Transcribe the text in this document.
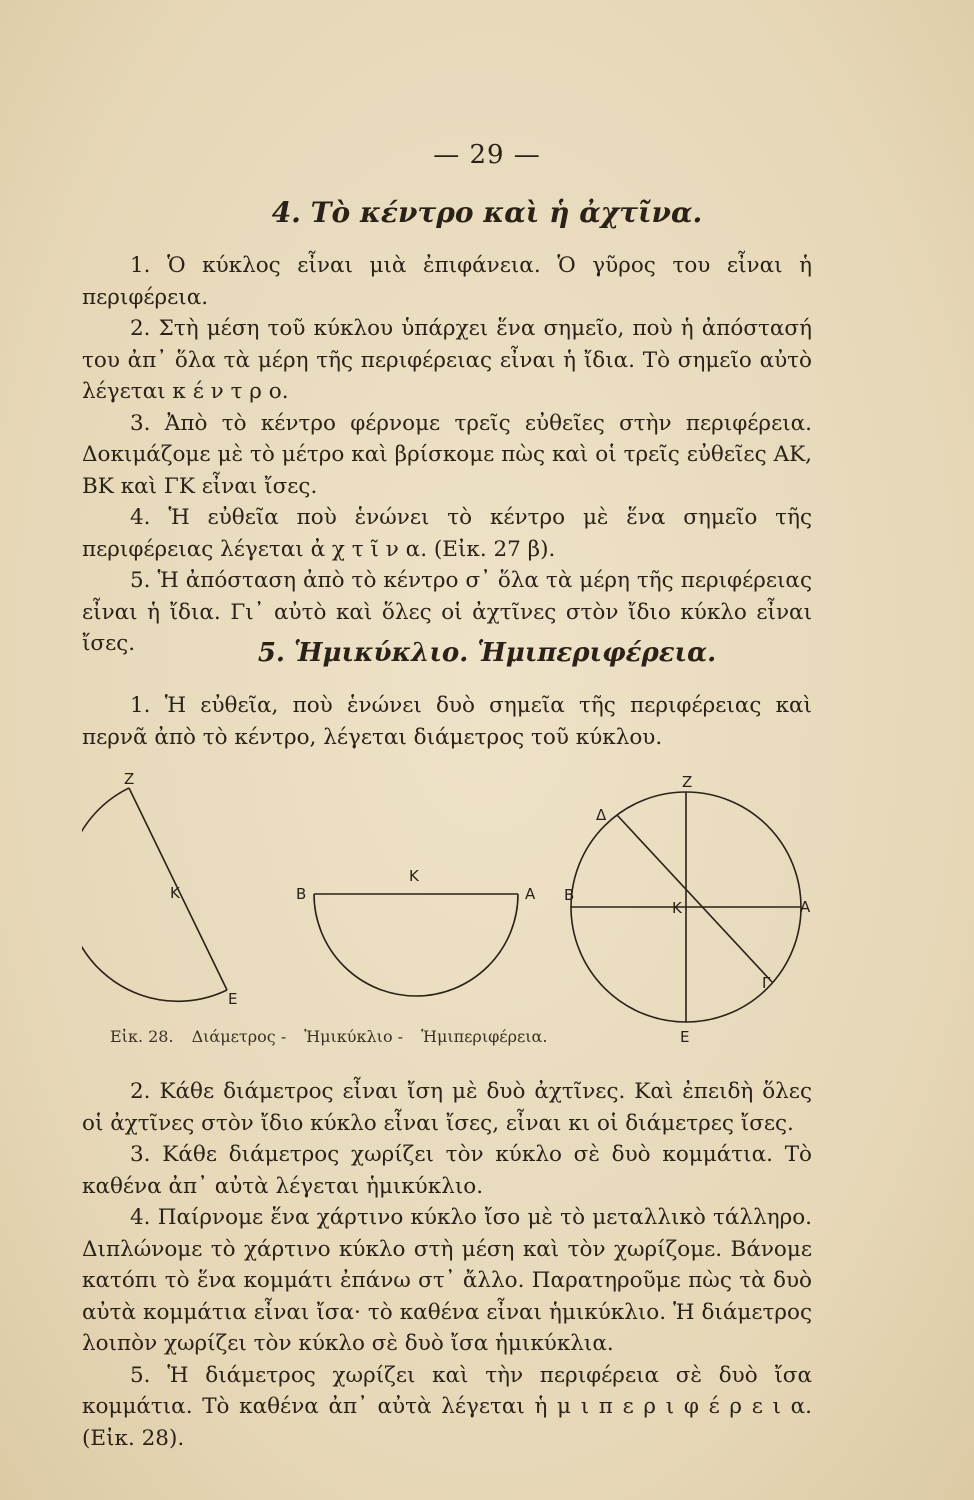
— 29 —
4. Τὸ κέντρο καὶ ἡ ἀχτῖνα.
1. Ὁ κύκλος εἶναι μιὰ ἐπιφάνεια. Ὁ γῦρος του εἶναι ἡ περιφέρεια.
2. Στὴ μέση τοῦ κύκλου ὑπάρχει ἕνα σημεῖο, ποὺ ἡ ἀπόστασή του ἀπ᾽ ὅλα τὰ μέρη τῆς περιφέρειας εἶναι ἡ ἴδια. Τὸ σημεῖο αὐτὸ λέγεται κ έ ν τ ρ ο.
3. Ἀπὸ τὸ κέντρο φέρνομε τρεῖς εὐθεῖες στὴν περιφέρεια. Δοκιμάζομε μὲ τὸ μέτρο καὶ βρίσκομε πὼς καὶ οἱ τρεῖς εὐθεῖες ΑΚ, ΒΚ καὶ ΓΚ εἶναι ἴσες.
4. Ἡ εὐθεῖα ποὺ ἑνώνει τὸ κέντρο μὲ ἕνα σημεῖο τῆς περιφέρειας λέγεται ἀ χ τ ῖ ν α. (Εἰκ. 27 β).
5. Ἡ ἀπόσταση ἀπὸ τὸ κέντρο σ᾽ ὅλα τὰ μέρη τῆς περιφέρειας εἶναι ἡ ἴδια. Γι᾽ αὐτὸ καὶ ὅλες οἱ ἀχτῖνες στὸν ἴδιο κύκλο εἶναι ἴσες.	5. Ἡμικύκλιο. Ἡμιπεριφέρεια.
1. Ἡ εὐθεῖα, ποὺ ἑνώνει δυὸ σημεῖα τῆς περιφέρειας καὶ περνᾶ ἀπὸ τὸ κέντρο, λέγεται διάμετρος τοῦ κύκλου.
Z
K
Ε
B
K
A
Z
Δ
B
K	A
Γ
Ε
Εἰκ. 28. Διάμετρος - Ἡμικύκλιο - Ἡμιπεριφέρεια.
2. Κάθε διάμετρος εἶναι ἴση μὲ δυὸ ἀχτῖνες. Καὶ ἐπειδὴ ὅλες οἱ ἀχτῖνες στὸν ἴδιο κύκλο εἶναι ἴσες, εἶναι κι οἱ διάμετρες ἴσες.
3. Κάθε διάμετρος χωρίζει τὸν κύκλο σὲ δυὸ κομμάτια. Τὸ καθένα ἀπ᾽ αὐτὰ λέγεται ἡμικύκλιο.
4. Παίρνομε ἕνα χάρτινο κύκλο ἴσο μὲ τὸ μεταλλικὸ τάλληρο. Διπλώνομε τὸ χάρτινο κύκλο στὴ μέση καὶ τὸν χωρίζομε. Βάνομε κατόπι τὸ ἕνα κομμάτι ἐπάνω στ᾽ ἄλλο. Παρατηροῦμε πὼς τὰ δυὸ αὐτὰ κομμάτια εἶναι ἴσα· τὸ καθένα εἶναι ἡμικύκλιο. Ἡ διάμετρος λοιπὸν χωρίζει τὸν κύκλο σὲ δυὸ ἴσα ἡμικύκλια.
5. Ἡ διάμετρος χωρίζει καὶ τὴν περιφέρεια σὲ δυὸ ἴσα κομμάτια. Τὸ καθένα ἀπ᾽ αὐτὰ λέγεται ἡ μ ι π ε ρ ι φ έ ρ ε ι α. (Εἰκ. 28).
